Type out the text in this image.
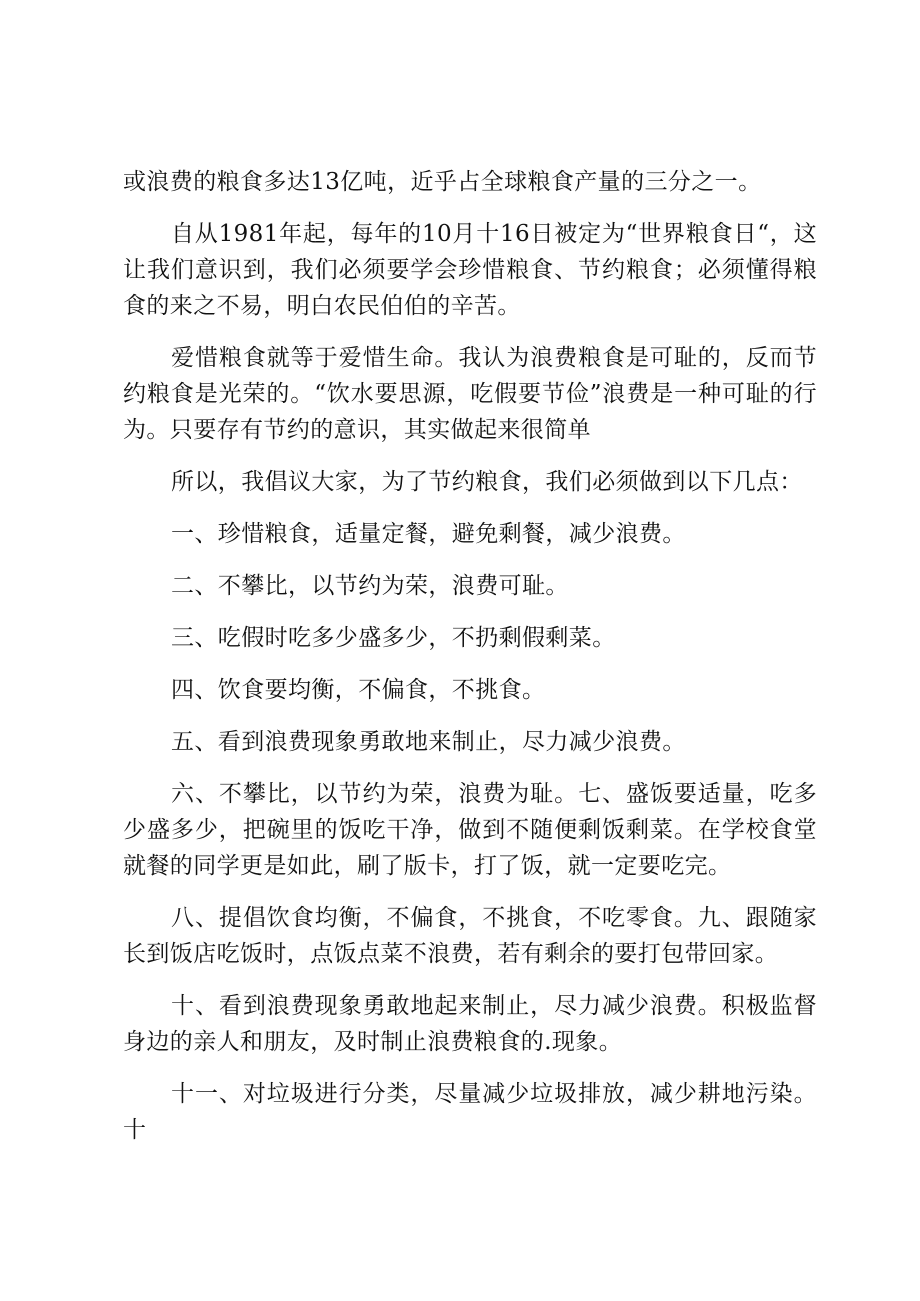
或浪费的粮食多达13亿吨，近乎占全球粮食产量的三分之一。

自从1981年起，每年的10月十16日被定为“世界粮食日“，这让我们意识到，我们必须要学会珍惜粮食、节约粮食；必须懂得粮食的来之不易，明白农民伯伯的辛苦。

爱惜粮食就等于爱惜生命。我认为浪费粮食是可耻的，反而节约粮食是光荣的。“饮水要思源，吃假要节俭”浪费是一种可耻的行为。只要存有节约的意识，其实做起来很简单

所以，我倡议大家，为了节约粮食，我们必须做到以下几点：

一、珍惜粮食，适量定餐，避免剩餐，减少浪费。

二、不攀比，以节约为荣，浪费可耻。

三、吃假时吃多少盛多少，不扔剩假剩菜。

四、饮食要均衡，不偏食，不挑食。

五、看到浪费现象勇敢地来制止，尽力减少浪费。

六、不攀比，以节约为荣，浪费为耻。七、盛饭要适量，吃多少盛多少，把碗里的饭吃干净，做到不随便剩饭剩菜。在学校食堂就餐的同学更是如此，刷了版卡，打了饭，就一定要吃完。

八、提倡饮食均衡，不偏食，不挑食，不吃零食。九、跟随家长到饭店吃饭时，点饭点菜不浪费，若有剩余的要打包带回家。

十、看到浪费现象勇敢地起来制止，尽力减少浪费。积极监督身边的亲人和朋友，及时制止浪费粮食的.现象。

十一、对垃圾进行分类，尽量减少垃圾排放，减少耕地污染。十
